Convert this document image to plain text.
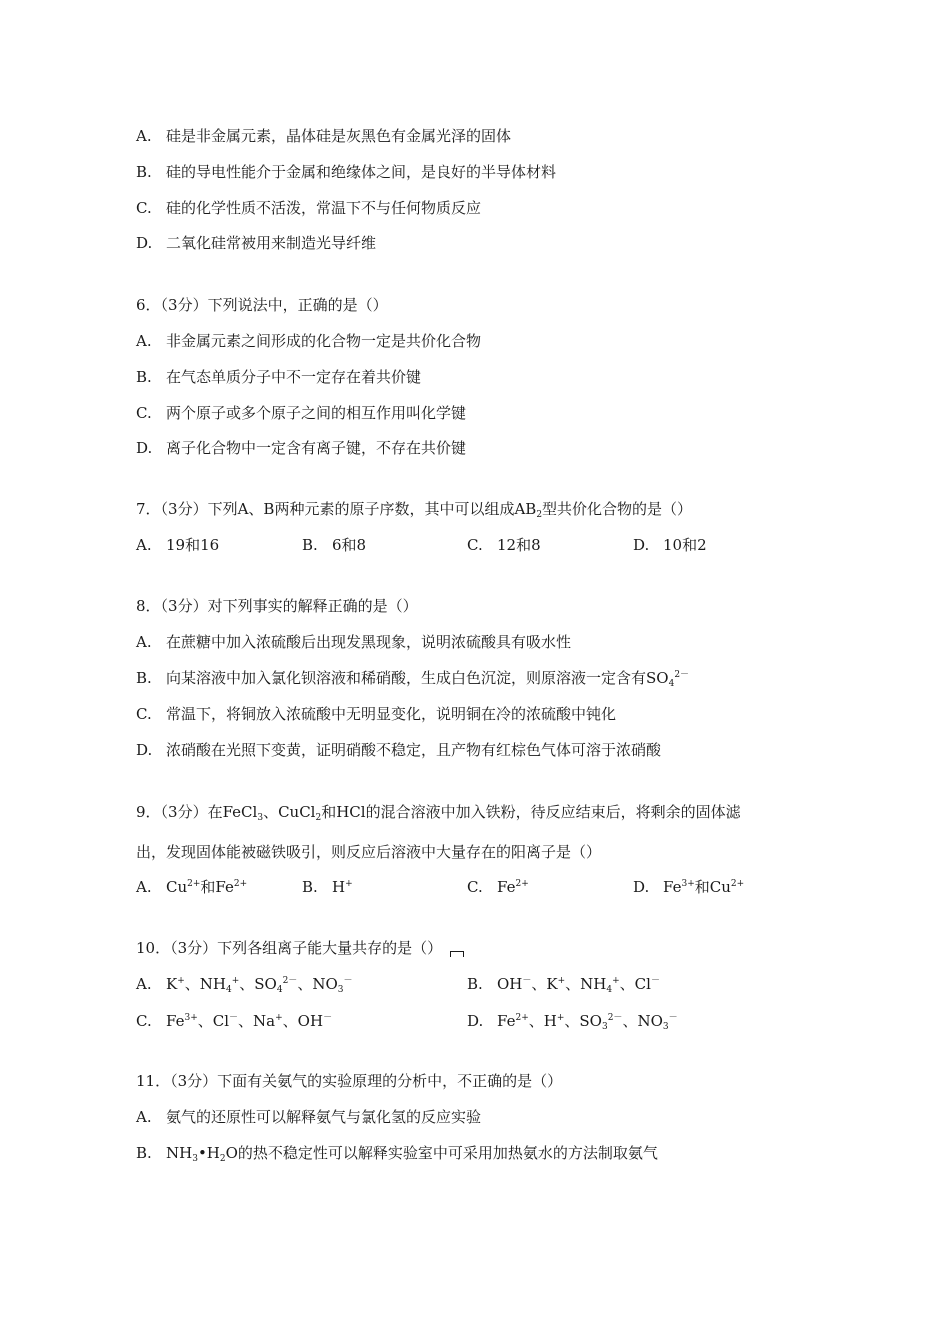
A. 硅是非金属元素，晶体硅是灰黑色有金属光泽的固体
B. 硅的导电性能介于金属和绝缘体之间，是良好的半导体材料
C. 硅的化学性质不活泼，常温下不与任何物质反应
D. 二氧化硅常被用来制造光导纤维
6．（3分）下列说法中，正确的是（）
A. 非金属元素之间形成的化合物一定是共价化合物
B. 在气态单质分子中不一定存在着共价键
C. 两个原子或多个原子之间的相互作用叫化学键
D. 离子化合物中一定含有离子键，不存在共价键
7．（3分）下列A、B两种元素的原子序数，其中可以组成$AB_2$型共价化合物的是（）
A. 19和16	B. 6和8	C. 12和8	D. 10和2
8．（3分）对下列事实的解释正确的是（）
A. 在蔗糖中加入浓硫酸后出现发黑现象，说明浓硫酸具有吸水性
B. 向某溶液中加入氯化钡溶液和稀硝酸，生成白色沉淀，则原溶液一定含有$SO_4^{2-}$
C. 常温下，将铜放入浓硫酸中无明显变化，说明铜在冷的浓硫酸中钝化
D. 浓硝酸在光照下变黄，证明硝酸不稳定，且产物有红棕色气体可溶于浓硝酸
9．（3分）在FeCl$_3$、CuCl$_2$和HCl的混合溶液中加入铁粉，待反应结束后，将剩余的固体滤
出，发现固体能被磁铁吸引，则反应后溶液中大量存在的阳离子是（）
A. $Cu^{2+}$和$Fe^{2+}$	B. H+	C. $Fe^{2+}$	D. $Fe^{3+}$和$Cu^{2+}$
10．（3分）下列各组离子能大量共存的是（）
A. K+、$NH_4^+$、$SO_4^{2-}$、$NO_3^-$	B. OH－、K+、$NH_4^+$、Cl－
C. $Fe^{3+}$、Cl－、Na+、OH－	D. $Fe^{2+}$、H+、$SO_3^{2-}$、$NO_3^-$
11．（3分）下面有关氨气的实验原理的分析中，不正确的是（）
A. 氨气的还原性可以解释氨气与氯化氢的反应实验
B. $NH_3•H_2O$的热不稳定性可以解释实验室中可采用加热氨水的方法制取氨气
